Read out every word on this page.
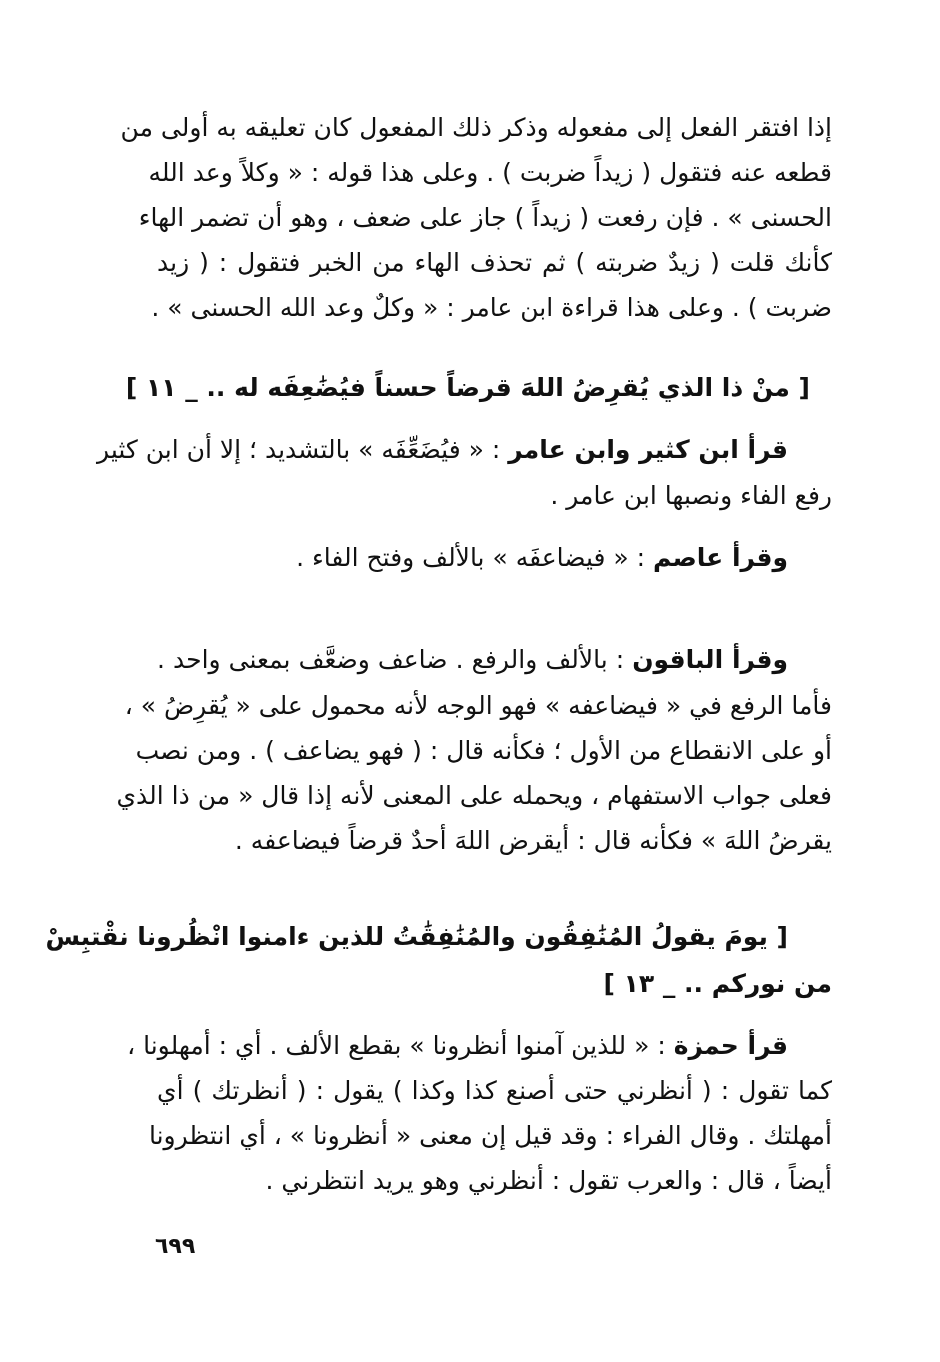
إذا افتقر الفعل إلى مفعوله وذكر ذلك المفعول كان تعليقه به أولى من
قطعه عنه فتقول ( زيداً ضربت ) . وعلى هذا قوله : « وكلاً وعد الله
الحسنى » . فإن رفعت ( زيداً ) جاز على ضعف ، وهو أن تضمر الهاء
كأنك قلت ( زيدٌ ضربته ) ثم تحذف الهاء من الخبر فتقول : ( زيد
ضربت ) . وعلى هذا قراءة ابن عامر : « وكلٌ وعد الله الحسنى » .
[ منْ ذا الذي يُقرِضُ اللهَ قرضاً حسناً فيُضَٰعِفَه له .. _ ١١ ]
قرأ ابن كثير وابن عامر : « فيُضَعِّفَه » بالتشديد ؛ إلا أن ابن كثير
رفع الفاء ونصبها ابن عامر .
وقرأ عاصم : « فيضاعفَه » بالألف وفتح الفاء .
وقرأ الباقون : بالألف والرفع . ضاعف وضعَّف بمعنى واحد .
فأما الرفع في « فيضاعفه » فهو الوجه لأنه محمول على « يُقرِضُ » ،
أو على الانقطاع من الأول ؛ فكأنه قال : ( فهو يضاعف ) . ومن نصب
فعلى جواب الاستفهام ، ويحمله على المعنى لأنه إذا قال « من ذا الذي
يقرضُ اللهَ » فكأنه قال : أيقرض اللهَ أحدٌ قرضاً فيضاعفه .
[ يومَ يقولُ المُنَٰفِقُون والمُنَٰفِقَٰتُ للذين ءامنوا انْظُرونا نقْتبِسْ
من نوركم .. _ ١٣ ]
قرأ حمزة : « للذين آمنوا أنظرونا » بقطع الألف . أي : أمهلونا ،
كما تقول : ( أنظرني حتى أصنع كذا وكذا ) يقول : ( أنظرتك ) أي
أمهلتك . وقال الفراء : وقد قيل إن معنى « أنظرونا » ، أي انتظرونا
أيضاً ، قال : والعرب تقول : أنظرني وهو يريد انتظرني .
٦٩٩
